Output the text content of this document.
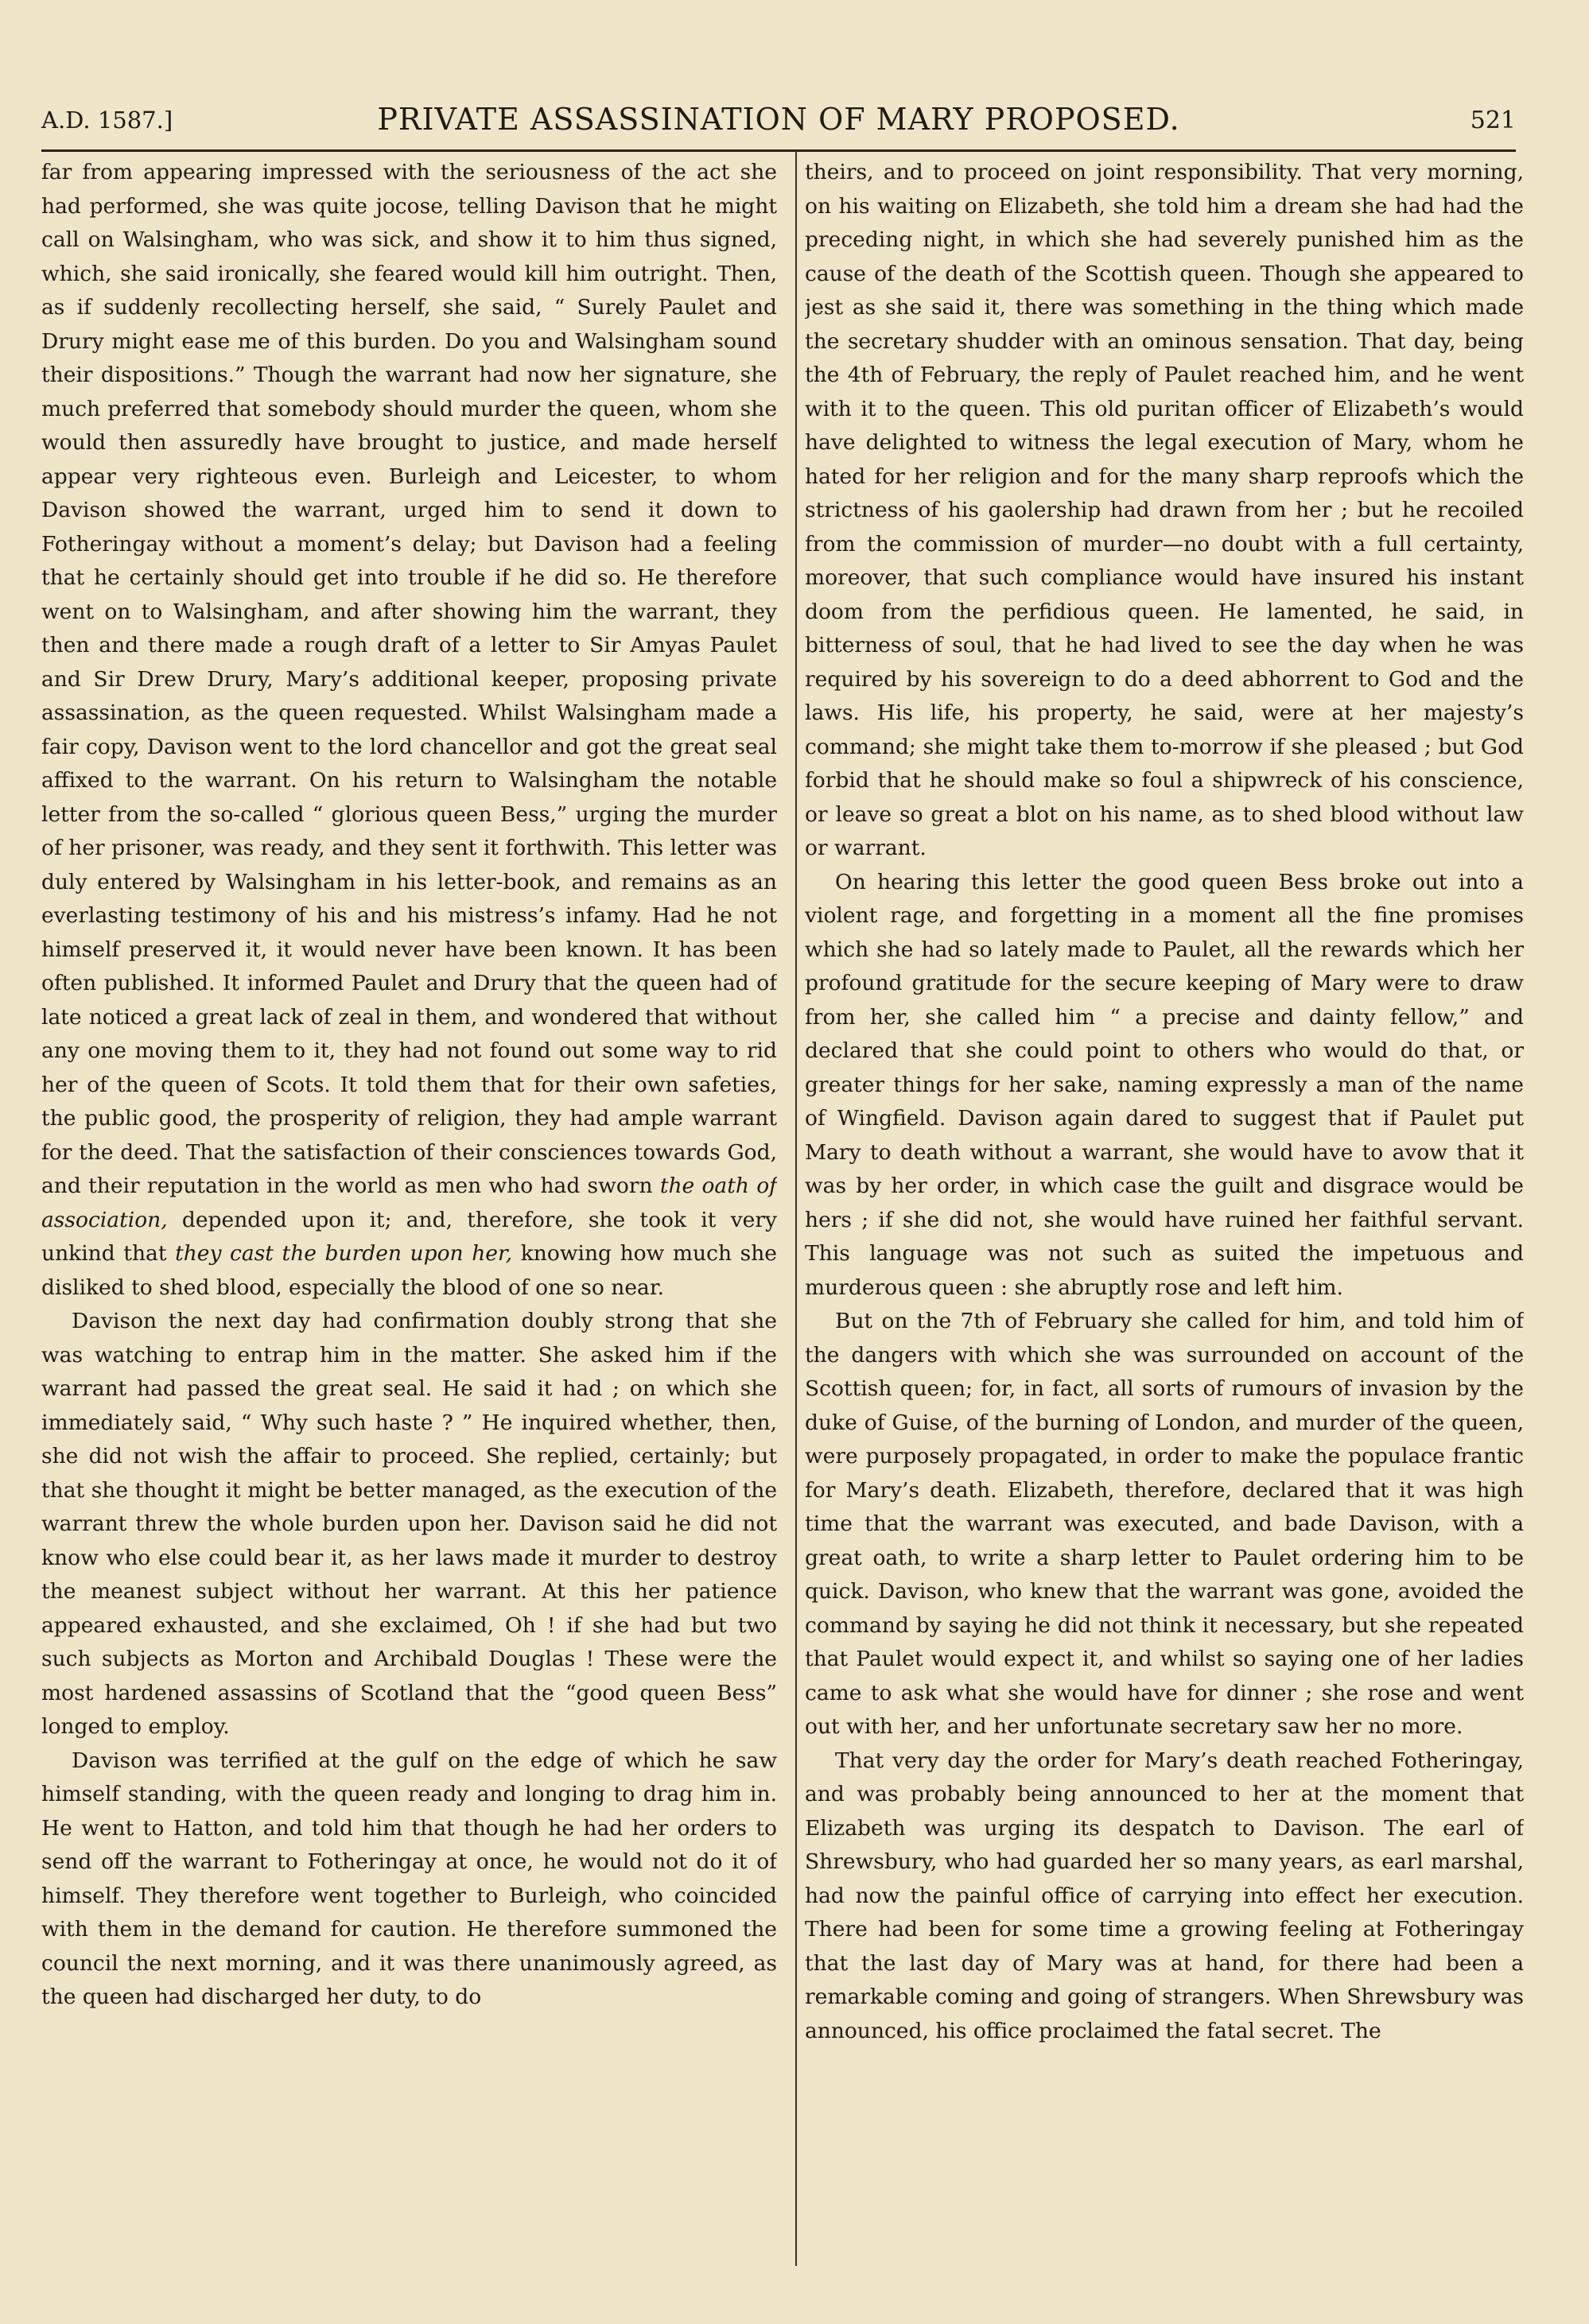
A.D. 1587.]	PRIVATE ASSASSINATION OF MARY PROPOSED.	521

far from appearing impressed with the seriousness of the act she had performed, she was quite jocose, telling Davison that he might call on Walsingham, who was sick, and show it to him thus signed, which, she said ironically, she feared would kill him outright. Then, as if suddenly recollecting herself, she said, “ Surely Paulet and Drury might ease me of this burden. Do you and Walsingham sound their dispositions.” Though the warrant had now her signature, she much preferred that somebody should murder the queen, whom she would then assuredly have brought to justice, and made herself appear very righteous even. Burleigh and Leicester, to whom Davison showed the warrant, urged him to send it down to Fotheringay without a moment’s delay; but Davison had a feeling that he certainly should get into trouble if he did so. He therefore went on to Walsingham, and after showing him the warrant, they then and there made a rough draft of a letter to Sir Amyas Paulet and Sir Drew Drury, Mary’s additional keeper, proposing private assassination, as the queen requested. Whilst Walsingham made a fair copy, Davison went to the lord chancellor and got the great seal affixed to the warrant. On his return to Walsingham the notable letter from the so-called “ glorious queen Bess,” urging the murder of her prisoner, was ready, and they sent it forthwith. This letter was duly entered by Walsingham in his letter-book, and remains as an everlasting testimony of his and his mistress’s infamy. Had he not himself preserved it, it would never have been known. It has been often published. It informed Paulet and Drury that the queen had of late noticed a great lack of zeal in them, and wondered that without any one moving them to it, they had not found out some way to rid her of the queen of Scots. It told them that for their own safeties, the public good, the prosperity of religion, they had ample warrant for the deed. That the satisfaction of their consciences towards God, and their reputation in the world as men who had sworn the oath of association, depended upon it; and, therefore, she took it very unkind that they cast the burden upon her, knowing how much she disliked to shed blood, especially the blood of one so near.

Davison the next day had confirmation doubly strong that she was watching to entrap him in the matter. She asked him if the warrant had passed the great seal. He said it had ; on which she immediately said, “ Why such haste ? ” He inquired whether, then, she did not wish the affair to proceed. She replied, certainly; but that she thought it might be better managed, as the execution of the warrant threw the whole burden upon her. Davison said he did not know who else could bear it, as her laws made it murder to destroy the meanest subject without her warrant. At this her patience appeared exhausted, and she exclaimed, Oh ! if she had but two such subjects as Morton and Archibald Douglas ! These were the most hardened assassins of Scotland that the “good queen Bess” longed to employ.

Davison was terrified at the gulf on the edge of which he saw himself standing, with the queen ready and longing to drag him in. He went to Hatton, and told him that though he had her orders to send off the warrant to Fotheringay at once, he would not do it of himself. They therefore went together to Burleigh, who coincided with them in the demand for caution. He therefore summoned the council the next morning, and it was there unanimously agreed, as the queen had discharged her duty, to do

theirs, and to proceed on joint responsibility. That very morning, on his waiting on Elizabeth, she told him a dream she had had the preceding night, in which she had severely punished him as the cause of the death of the Scottish queen. Though she appeared to jest as she said it, there was something in the thing which made the secretary shudder with an ominous sensation. That day, being the 4th of February, the reply of Paulet reached him, and he went with it to the queen. This old puritan officer of Elizabeth’s would have delighted to witness the legal execution of Mary, whom he hated for her religion and for the many sharp reproofs which the strictness of his gaolership had drawn from her ; but he recoiled from the commission of murder—no doubt with a full certainty, moreover, that such compliance would have insured his instant doom from the perfidious queen. He lamented, he said, in bitterness of soul, that he had lived to see the day when he was required by his sovereign to do a deed abhorrent to God and the laws. His life, his property, he said, were at her majesty’s command; she might take them to-morrow if she pleased ; but God forbid that he should make so foul a shipwreck of his conscience, or leave so great a blot on his name, as to shed blood without law or warrant.

On hearing this letter the good queen Bess broke out into a violent rage, and forgetting in a moment all the fine promises which she had so lately made to Paulet, all the rewards which her profound gratitude for the secure keeping of Mary were to draw from her, she called him “ a precise and dainty fellow,” and declared that she could point to others who would do that, or greater things for her sake, naming expressly a man of the name of Wingfield. Davison again dared to suggest that if Paulet put Mary to death without a warrant, she would have to avow that it was by her order, in which case the guilt and disgrace would be hers ; if she did not, she would have ruined her faithful servant. This language was not such as suited the impetuous and murderous queen : she abruptly rose and left him.

But on the 7th of February she called for him, and told him of the dangers with which she was surrounded on account of the Scottish queen; for, in fact, all sorts of rumours of invasion by the duke of Guise, of the burning of London, and murder of the queen, were purposely propagated, in order to make the populace frantic for Mary’s death. Elizabeth, therefore, declared that it was high time that the warrant was executed, and bade Davison, with a great oath, to write a sharp letter to Paulet ordering him to be quick. Davison, who knew that the warrant was gone, avoided the command by saying he did not think it necessary, but she repeated that Paulet would expect it, and whilst so saying one of her ladies came to ask what she would have for dinner ; she rose and went out with her, and her unfortunate secretary saw her no more.

That very day the order for Mary’s death reached Fotheringay, and was probably being announced to her at the moment that Elizabeth was urging its despatch to Davison. The earl of Shrewsbury, who had guarded her so many years, as earl marshal, had now the painful office of carrying into effect her execution. There had been for some time a growing feeling at Fotheringay that the last day of Mary was at hand, for there had been a remarkable coming and going of strangers. When Shrewsbury was announced, his office proclaimed the fatal secret. The
